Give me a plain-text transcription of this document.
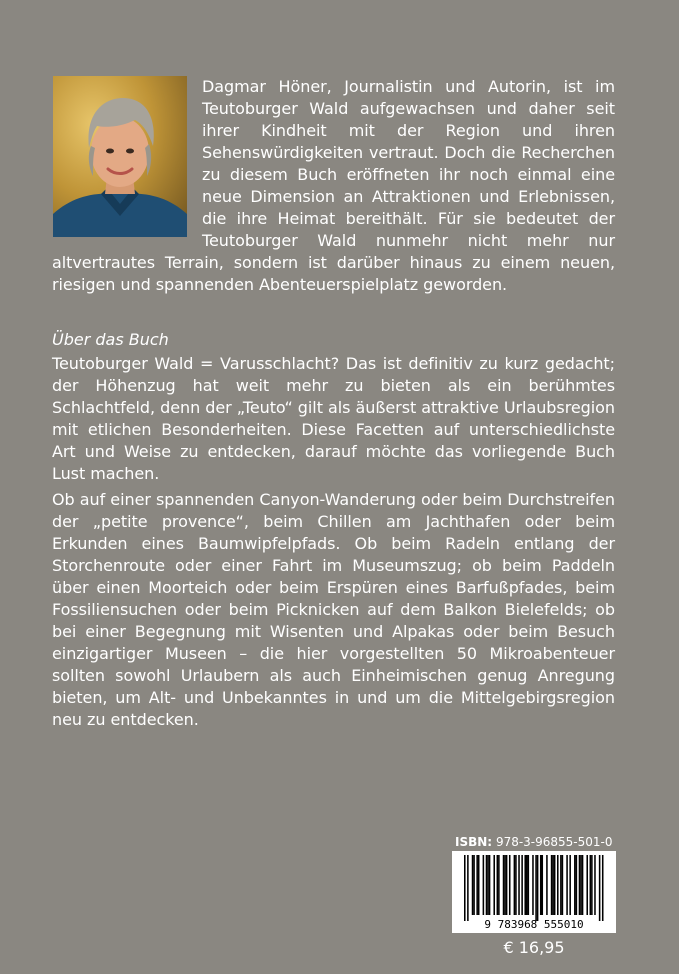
Dagmar Höner, Journalistin und Autorin, ist im Teutoburger Wald aufgewachsen und daher seit ihrer Kindheit mit der Region und ihren Sehenswürdigkeiten vertraut. Doch die Recherchen zu diesem Buch eröffneten ihr noch einmal eine neue Dimension an Attraktionen und Erlebnissen, die ihre Heimat bereithält. Für sie bedeutet der Teutoburger Wald nunmehr nicht mehr nur altvertrautes Terrain, sondern ist darüber hinaus zu einem neuen, riesigen und spannenden Abenteuerspielplatz geworden.
Über das Buch
Teutoburger Wald = Varusschlacht? Das ist definitiv zu kurz gedacht; der Höhenzug hat weit mehr zu bieten als ein berühmtes Schlachtfeld, denn der „Teuto“ gilt als äußerst attraktive Urlaubsregion mit etlichen Besonderheiten. Diese Facetten auf unterschiedlichste Art und Weise zu entdecken, darauf möchte das vorliegende Buch Lust machen.
Ob auf einer spannenden Canyon-Wanderung oder beim Durchstreifen der „petite provence“, beim Chillen am Jachthafen oder beim Erkunden eines Baumwipfelpfads. Ob beim Radeln entlang der Storchenroute oder einer Fahrt im Museumszug; ob beim Paddeln über einen Moorteich oder beim Erspüren eines Barfußpfades, beim Fossiliensuchen oder beim Picknicken auf dem Balkon Bielefelds; ob bei einer Begegnung mit Wisenten und Alpakas oder beim Besuch einzigartiger Museen – die hier vorgestellten 50 Mikroabenteuer sollten sowohl Urlaubern als auch Einheimischen genug Anregung bieten, um Alt- und Unbekanntes in und um die Mittelgebirgsregion neu zu entdecken.
ISBN: 978-3-96855-501-0
9 783968 555010
€ 16,95
